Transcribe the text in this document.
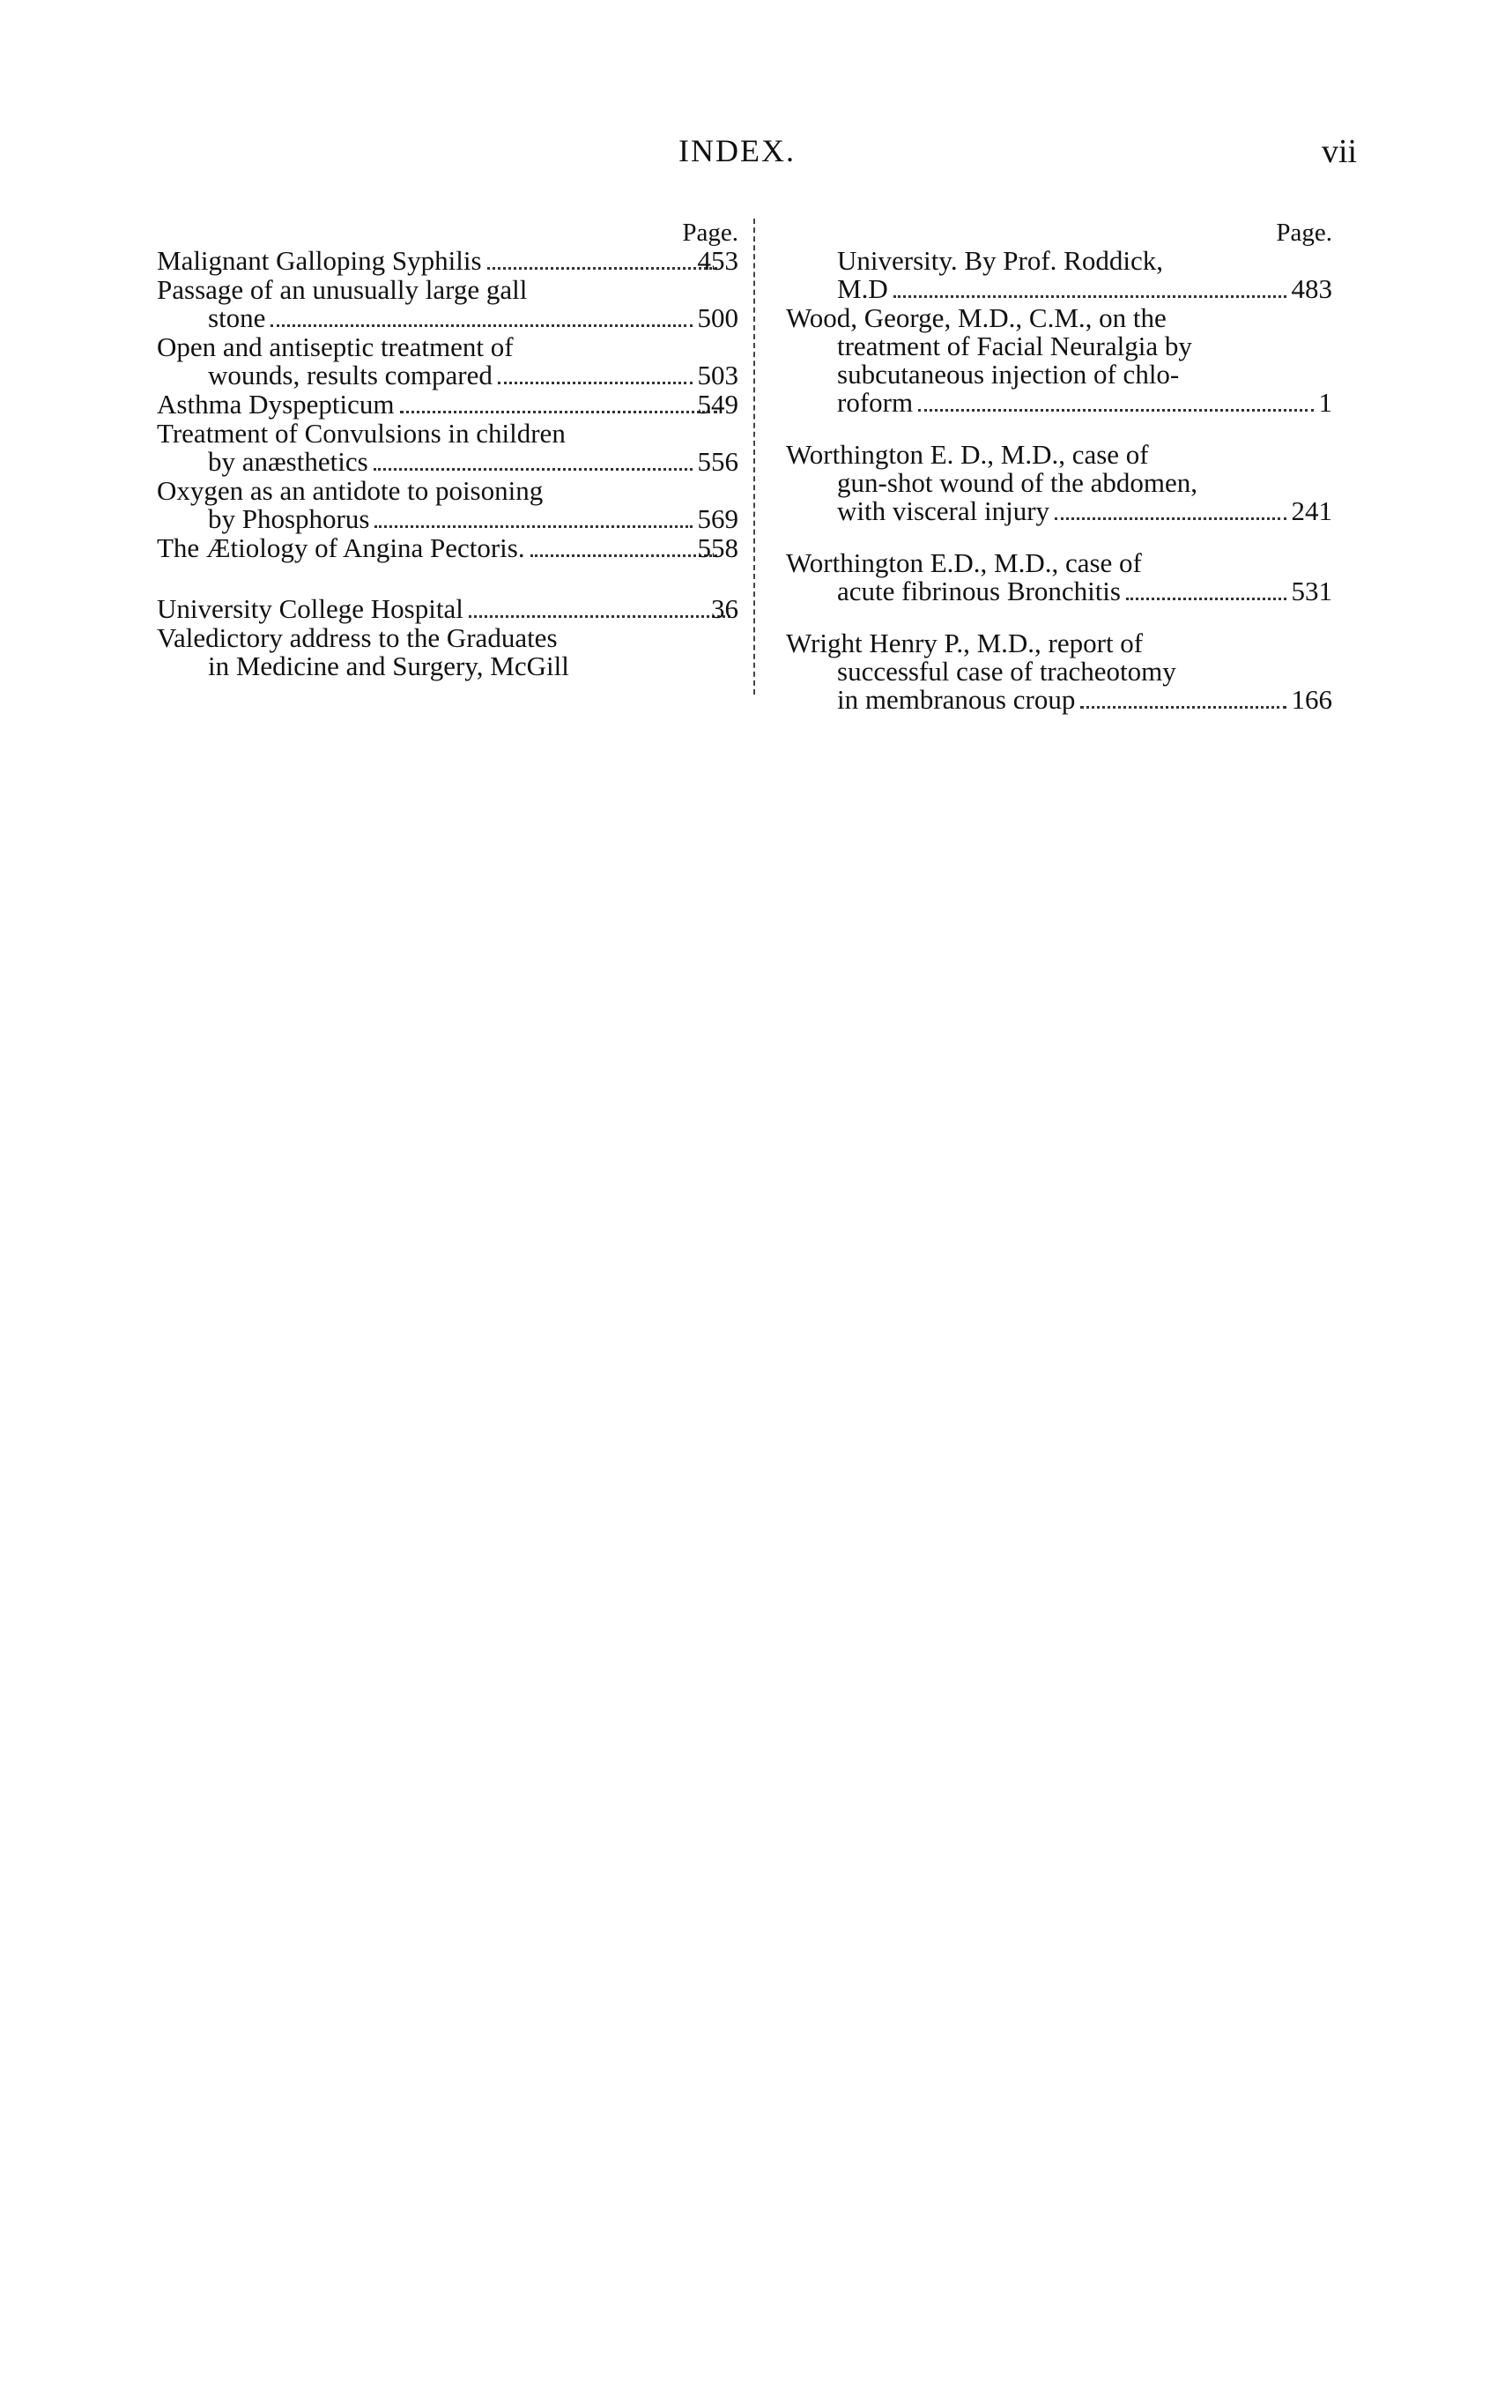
INDEX.	vii
Page.
Malignant Galloping Syphilis	453
Passage of an unusually large gall
stone	500
Open and antiseptic treatment of
wounds, results compared	503
Asthma Dyspepticum	549
Treatment of Convulsions in children
by anæsthetics	556
Oxygen as an antidote to poisoning
by Phosphorus	569
The Ætiology of Angina Pectoris.	558
University College Hospital	36
Valedictory address to the Graduates
in Medicine and Surgery, McGill
Page.
University. By Prof. Roddick,
M.D	483
Wood, George, M.D., C.M., on the
treatment of Facial Neuralgia by
subcutaneous injection of chlo-
roform	1
Worthington E. D., M.D., case of
gun-shot wound of the abdomen,
with visceral injury	241
Worthington E.D., M.D., case of
acute fibrinous Bronchitis	531
Wright Henry P., M.D., report of
successful case of tracheotomy
in membranous croup	166
